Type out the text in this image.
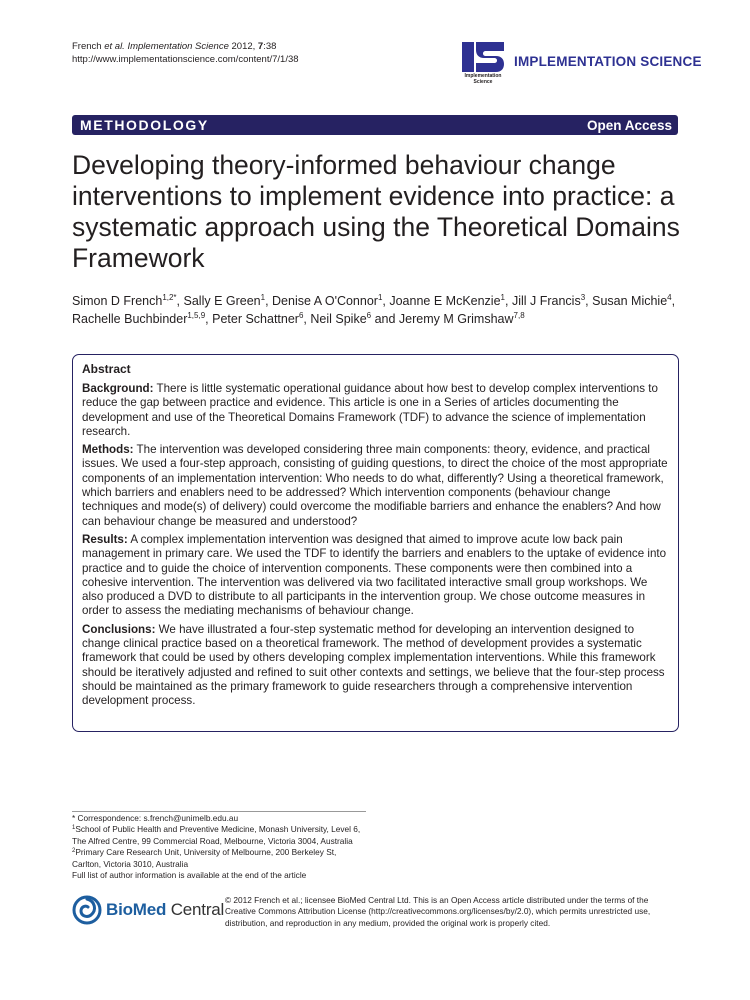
French et al. Implementation Science 2012, 7:38
http://www.implementationscience.com/content/7/1/38
Implementation
Science
IMPLEMENTATION SCIENCE
METHODOLOGY	Open Access
Developing theory-informed behaviour change interventions to implement evidence into practice: a systematic approach using the Theoretical Domains Framework
Simon D French$^{1,2*}$, Sally E Green$^1$, Denise A O'Connor$^1$, Joanne E McKenzie$^1$, Jill J Francis$^3$, Susan Michie$^4$, Rachelle Buchbinder$^{1,5,9}$, Peter Schattner$^6$, Neil Spike$^6$ and Jeremy M Grimshaw$^{7,8}$
Abstract

Background: There is little systematic operational guidance about how best to develop complex interventions to reduce the gap between practice and evidence. This article is one in a Series of articles documenting the development and use of the Theoretical Domains Framework (TDF) to advance the science of implementation research.

Methods: The intervention was developed considering three main components: theory, evidence, and practical issues. We used a four-step approach, consisting of guiding questions, to direct the choice of the most appropriate components of an implementation intervention: Who needs to do what, differently? Using a theoretical framework, which barriers and enablers need to be addressed? Which intervention components (behaviour change techniques and mode(s) of delivery) could overcome the modifiable barriers and enhance the enablers? And how can behaviour change be measured and understood?

Results: A complex implementation intervention was designed that aimed to improve acute low back pain management in primary care. We used the TDF to identify the barriers and enablers to the uptake of evidence into practice and to guide the choice of intervention components. These components were then combined into a cohesive intervention. The intervention was delivered via two facilitated interactive small group workshops. We also produced a DVD to distribute to all participants in the intervention group. We chose outcome measures in order to assess the mediating mechanisms of behaviour change.

Conclusions: We have illustrated a four-step systematic method for developing an intervention designed to change clinical practice based on a theoretical framework. The method of development provides a systematic framework that could be used by others developing complex implementation interventions. While this framework should be iteratively adjusted and refined to suit other contexts and settings, we believe that the four-step process should be maintained as the primary framework to guide researchers through a comprehensive intervention development process.

* Correspondence: s.french@unimelb.edu.au
$^1$School of Public Health and Preventive Medicine, Monash University, Level 6,
The Alfred Centre, 99 Commercial Road, Melbourne, Victoria 3004, Australia
$^2$Primary Care Research Unit, University of Melbourne, 200 Berkeley St,
Carlton, Victoria 3010, Australia
Full list of author information is available at the end of the article
BioMed Central © 2012 French et al.; licensee BioMed Central Ltd. This is an Open Access article distributed under the terms of the Creative Commons Attribution License (http://creativecommons.org/licenses/by/2.0), which permits unrestricted use, distribution, and reproduction in any medium, provided the original work is properly cited.
